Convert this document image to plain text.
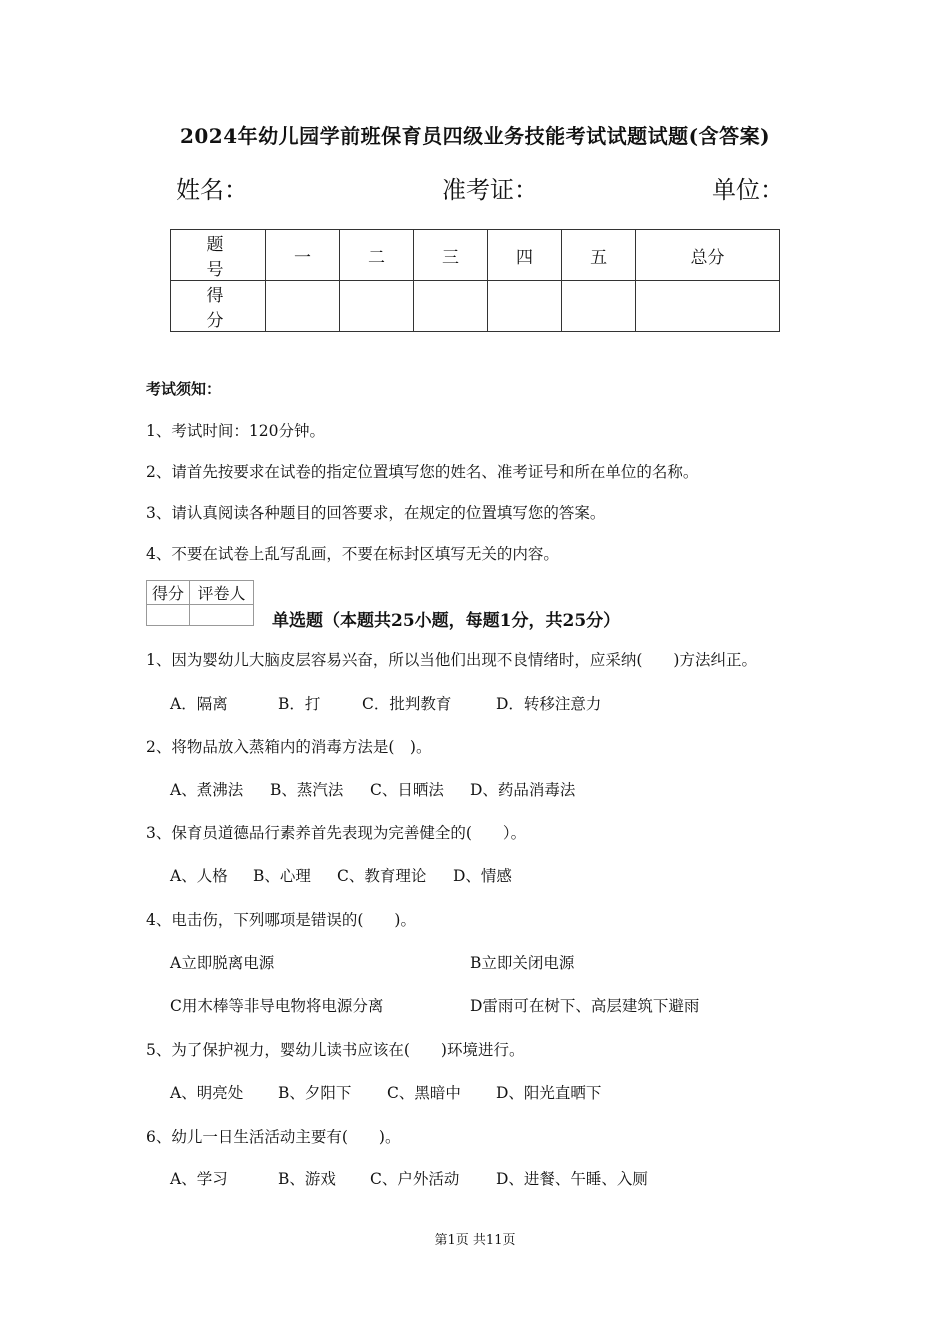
2024年幼儿园学前班保育员四级业务技能考试试题试题(含答案)
姓名：	准考证：	单位：
题　号	一	二	三	四	五	总分
得　分						
考试须知：
1、考试时间：120分钟。
2、请首先按要求在试卷的指定位置填写您的姓名、准考证号和所在单位的名称。
3、请认真阅读各种题目的回答要求，在规定的位置填写您的答案。
4、不要在试卷上乱写乱画，不要在标封区填写无关的内容。
得分	评卷人

单选题（本题共25小题，每题1分，共25分）
1、因为婴幼儿大脑皮层容易兴奋，所以当他们出现不良情绪时，应采纳(　　)方法纠正。
A．隔离	B．打	C．批判教育	D．转移注意力
2、将物品放入蒸箱内的消毒方法是(　)。
A、煮沸法 B、蒸汽法 C、日晒法 D、药品消毒法
3、保育员道德品行素养首先表现为完善健全的(　　）。
A、人格 B、心理 C、教育理论 D、情感
4、电击伤，下列哪项是错误的(　　)。
A立即脱离电源	B立即关闭电源
C用木棒等非导电物将电源分离	D雷雨可在树下、高层建筑下避雨
5、为了保护视力，婴幼儿读书应该在(　　)环境进行。
A、明亮处 B、夕阳下 C、黑暗中 D、阳光直晒下
6、幼儿一日生活活动主要有(　　)。
A、学习	B、游戏 C、户外活动 D、进餐、午睡、入厕
第1页 共11页
